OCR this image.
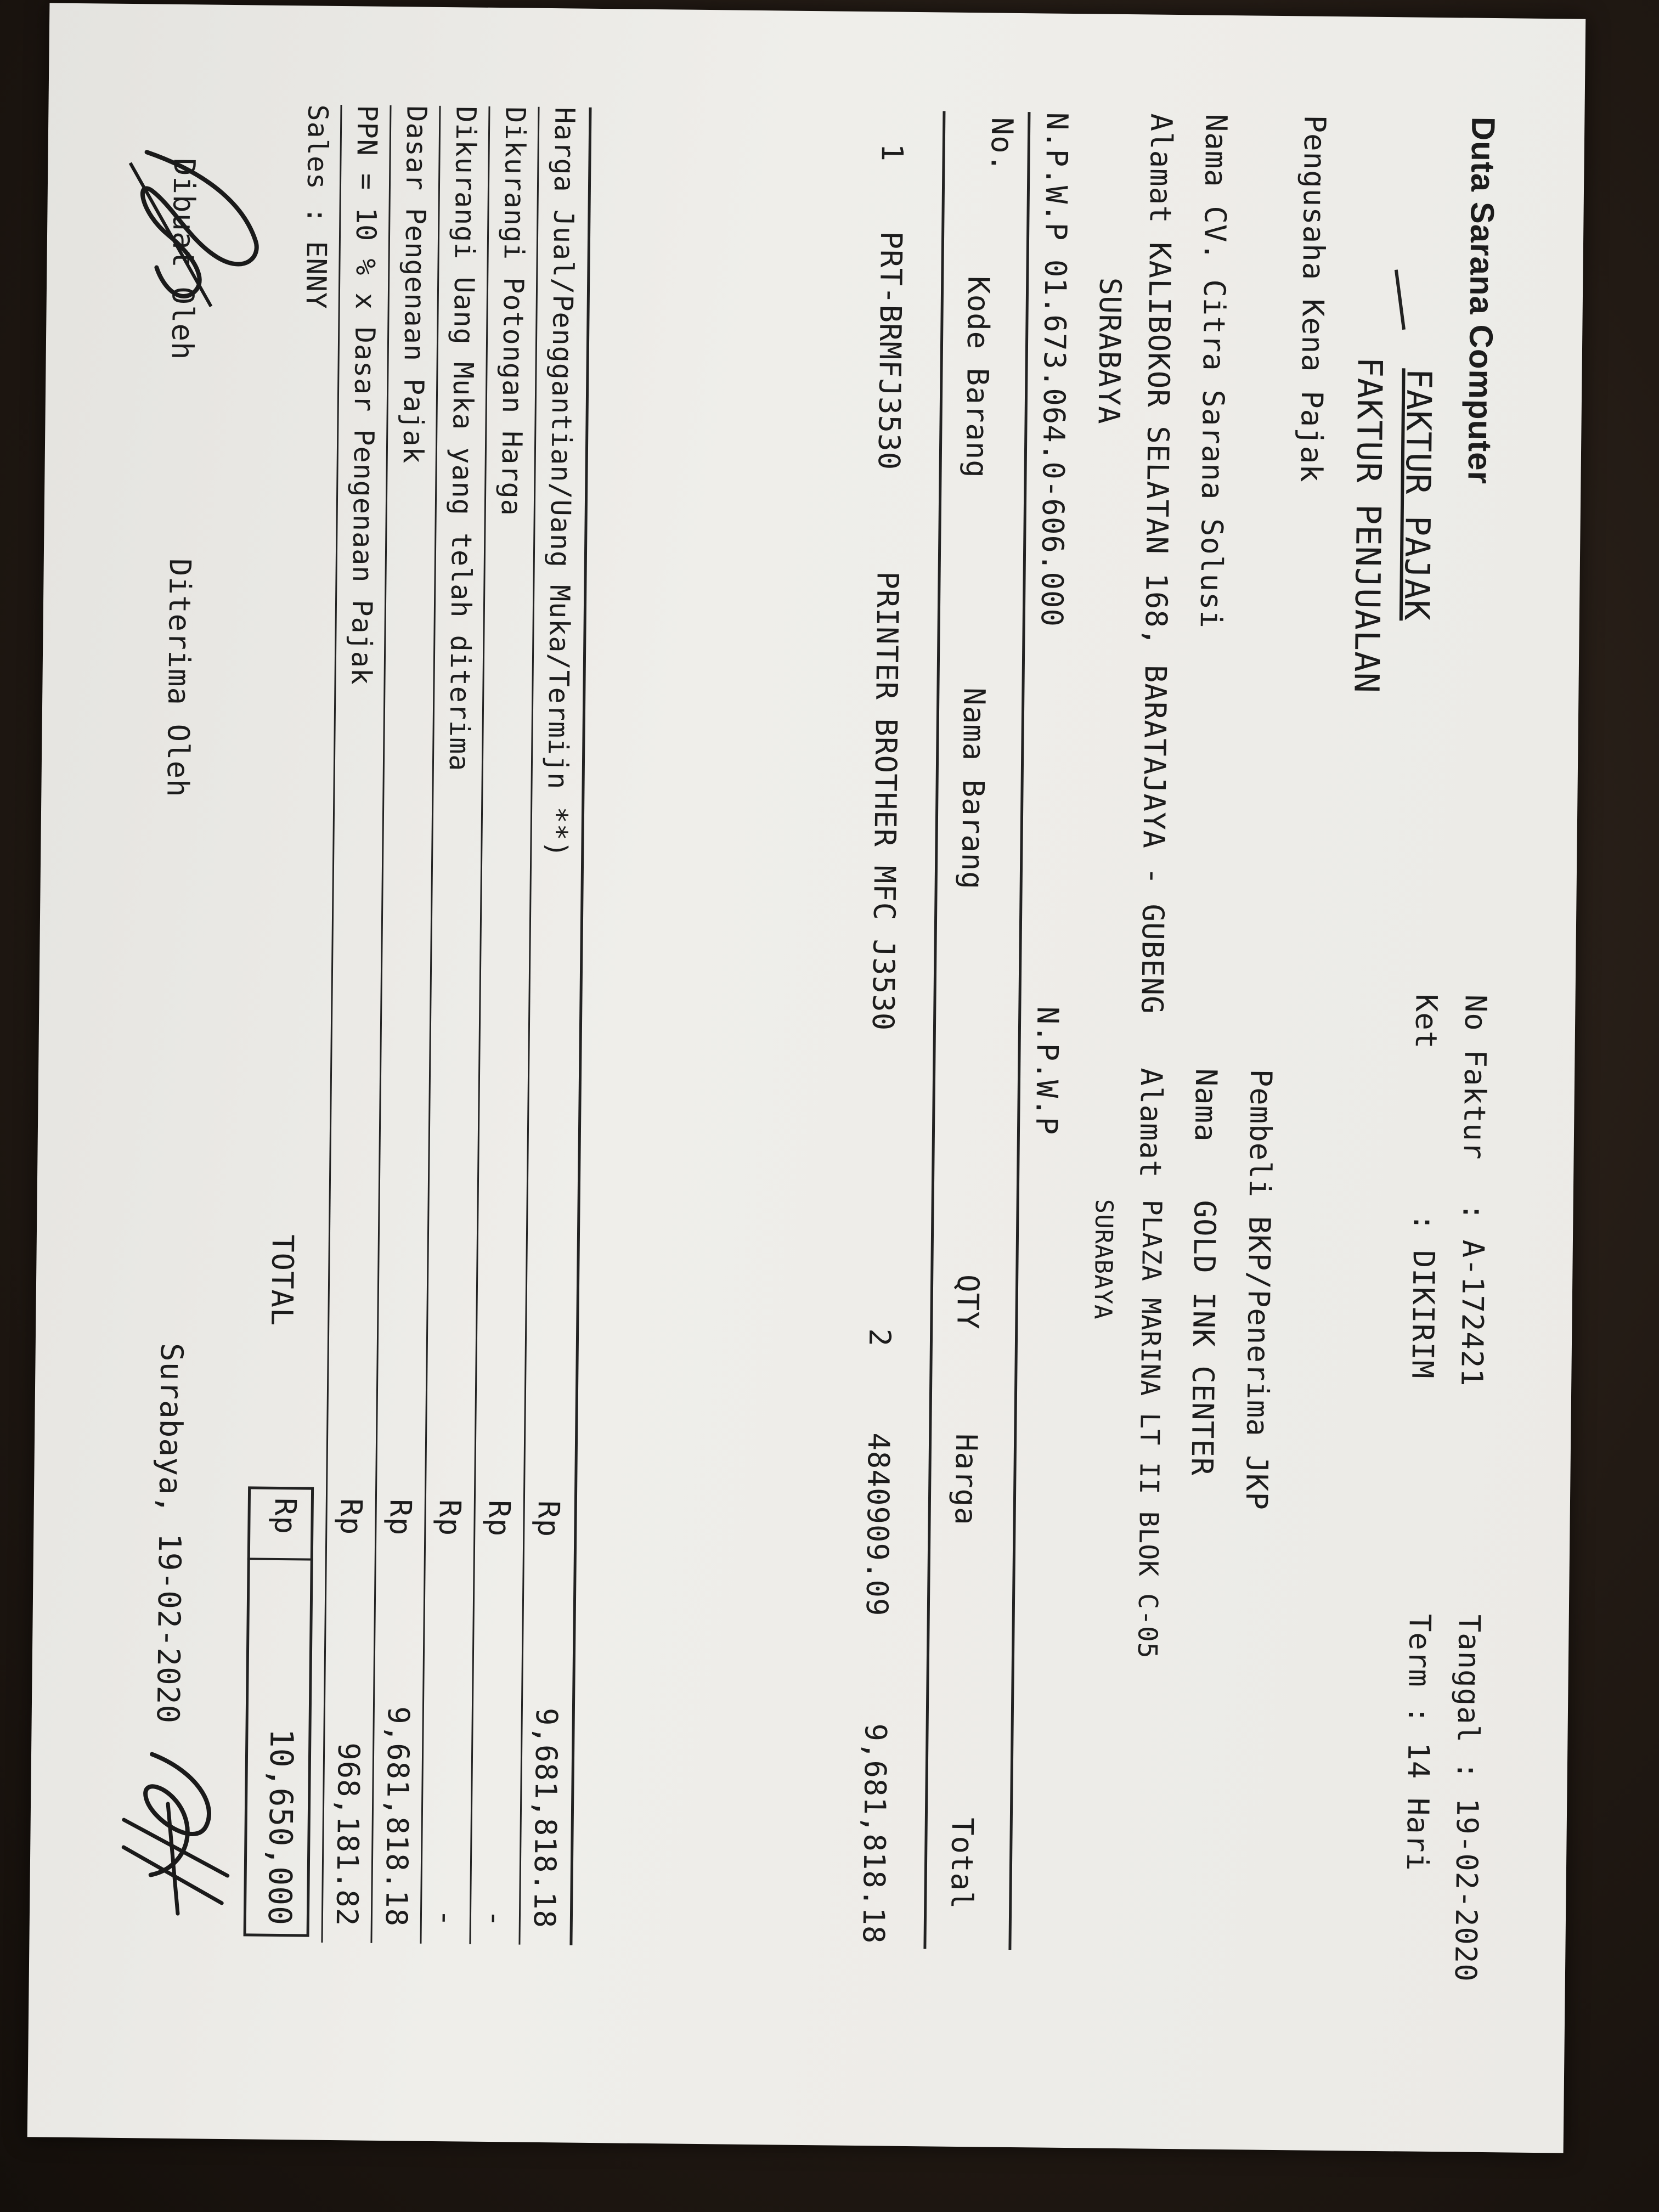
Duta Sarana Computer
FAKTUR PAJAK
FAKTUR PENJUALAN
Pengusaha Kena Pajak
No Faktur
: A-172421
Ket
: DIKIRIM
Tanggal : 19-02-2020
Term : 14 Hari
Nama CV. Citra Sarana Solusi
Alamat KALIBOKOR SELATAN 168, BARATAJAYA - GUBENG
SURABAYA
N.P.W.P 01.673.064.0-606.000
Pembeli BKP/Penerima JKP
Nama
GOLD INK CENTER
Alamat
PLAZA MARINA LT II BLOK C-05
SURABAYA
N.P.W.P
No.
Kode Barang
Nama Barang
QTY
Harga
Total
1
PRT-BRMFJ3530
PRINTER BROTHER MFC J3530
2
4840909.09
9,681,818.18
Harga Jual/Penggantian/Uang Muka/Termijn **)
Rp
9,681,818.18
Dikurangi Potongan Harga
Rp
-
Dikurangi Uang Muka yang telah diterima
Rp
-
Dasar Pengenaan Pajak
Rp
9,681,818.18
PPN = 10 % x Dasar Pengenaan Pajak
Rp
968,181.82
Sales : ENNY
TOTAL
Rp
10,650,000
Dibuat Oleh
Diterima Oleh
Surabaya, 19-02-2020
